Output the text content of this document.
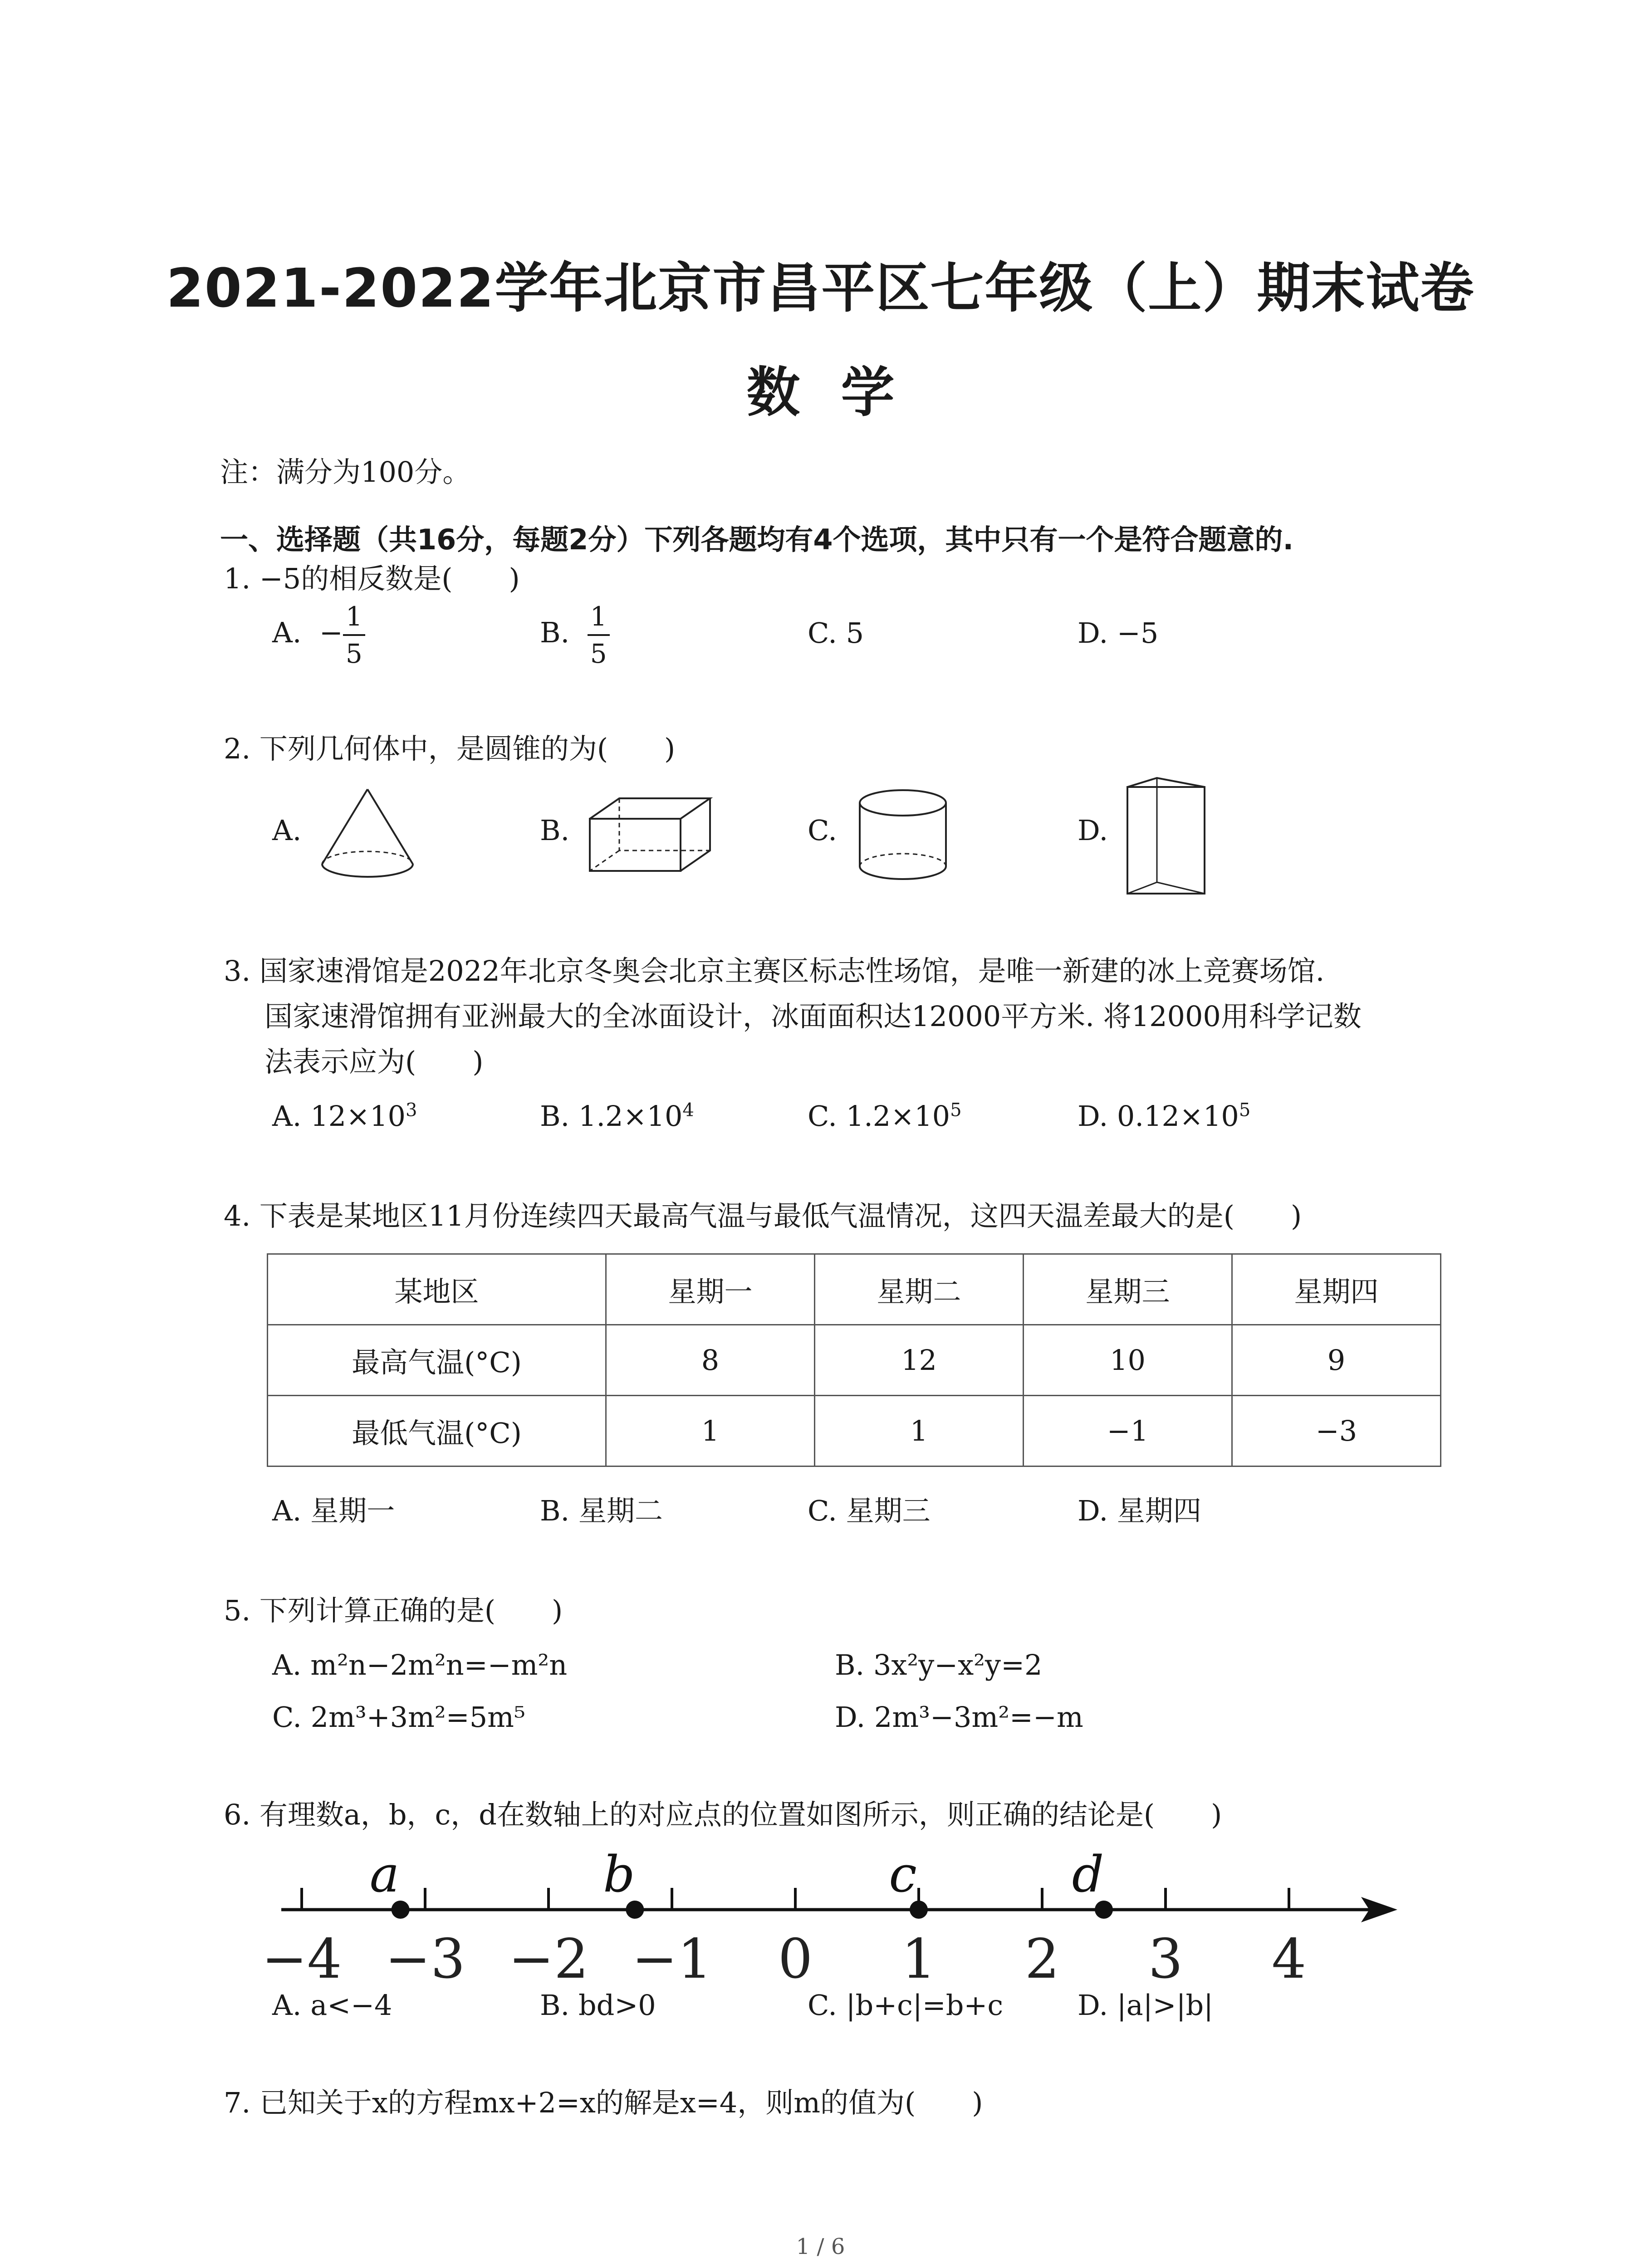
2021-2022学年北京市昌平区七年级（上）期末试卷
数学
注：满分为100分。
一、选择题（共16分，每题2分）下列各题均有4个选项，其中只有一个是符合题意的.
1. −5的相反数是(　　)
A. − $\frac{1}{5}$	B. $\frac{1}{5}$	C. 5	D. −5
2. 下列几何体中，是圆锥的为(　　)
A.	B.	C.	D.
3. 国家速滑馆是2022年北京冬奥会北京主赛区标志性场馆，是唯一新建的冰上竞赛场馆.
国家速滑馆拥有亚洲最大的全冰面设计，冰面面积达12000平方米. 将12000用科学记数
法表示应为(　　)
A. $12\times 10^3$	B. $1.2\times 10^4$	C. $1.2\times 10^5$	D. $0.12\times 10^5$
4. 下表是某地区11月份连续四天最高气温与最低气温情况，这四天温差最大的是(　　)
某地区	星期一	星期二	星期三	星期四
最高气温(°C)	8	12	10	9
最低气温(°C)	1	1	−1	−3
A. 星期一	B. 星期二	C. 星期三	D. 星期四
5. 下列计算正确的是(　　)
A. m²n−2m²n=−m²n	B. 3x²y−x²y=2
C. 2m³+3m²=5m⁵	D. 2m³−3m²=−m
6. 有理数a，b，c，d在数轴上的对应点的位置如图所示，则正确的结论是(　　)
−4 −3 −2 −1 0 1 2 3 4
a	b	c	d
A. a<−4	B. bd>0	C. |b+c|=b+c	D. |a|>|b|
7. 已知关于x的方程mx+2=x的解是x=4，则m的值为(　　)
1 / 6
